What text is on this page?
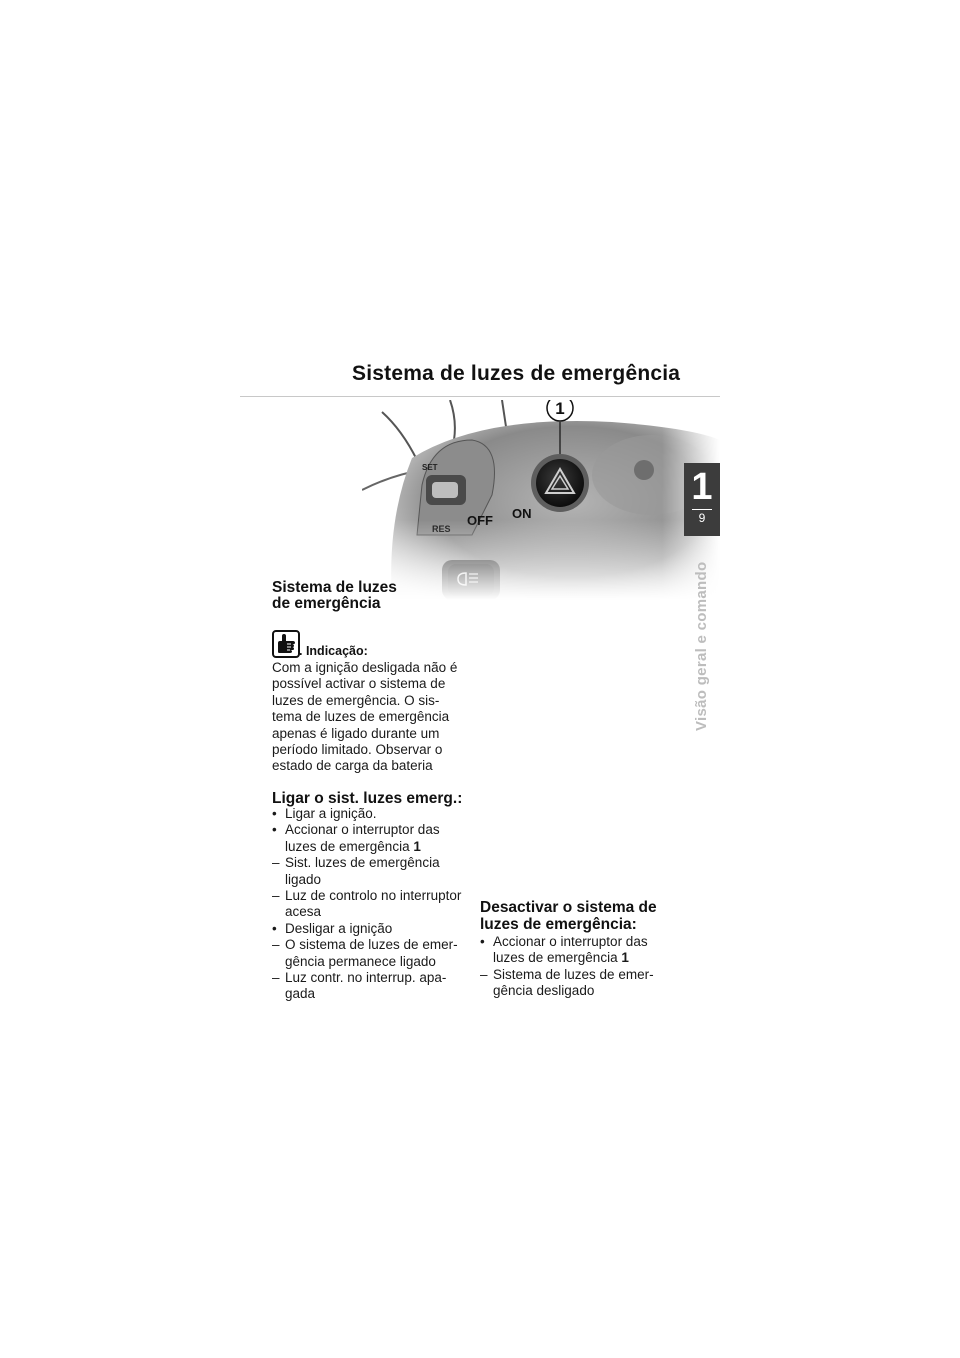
Sistema de luzes de emergência
1
9
Visão geral e comando
Sistema de luzes
de emergência
. Indicação:
Com a ignição desligada não é
possível activar o sistema de
luzes de emergência. O sis-
tema de luzes de emergência
apenas é ligado durante um
período limitado. Observar o
estado de carga da bateria
Ligar o sist. luzes emerg.:
• Ligar a ignição.
• Accionar o interruptor das
luzes de emergência 1
– Sist. luzes de emergência
ligado
– Luz de controlo no interruptor
acesa
• Desligar a ignição
– O sistema de luzes de emer-
gência permanece ligado
– Luz contr. no interrup. apa-
gada
Desactivar o sistema de
luzes de emergência:
• Accionar o interruptor das
luzes de emergência 1
– Sistema de luzes de emer-
gência desligado
